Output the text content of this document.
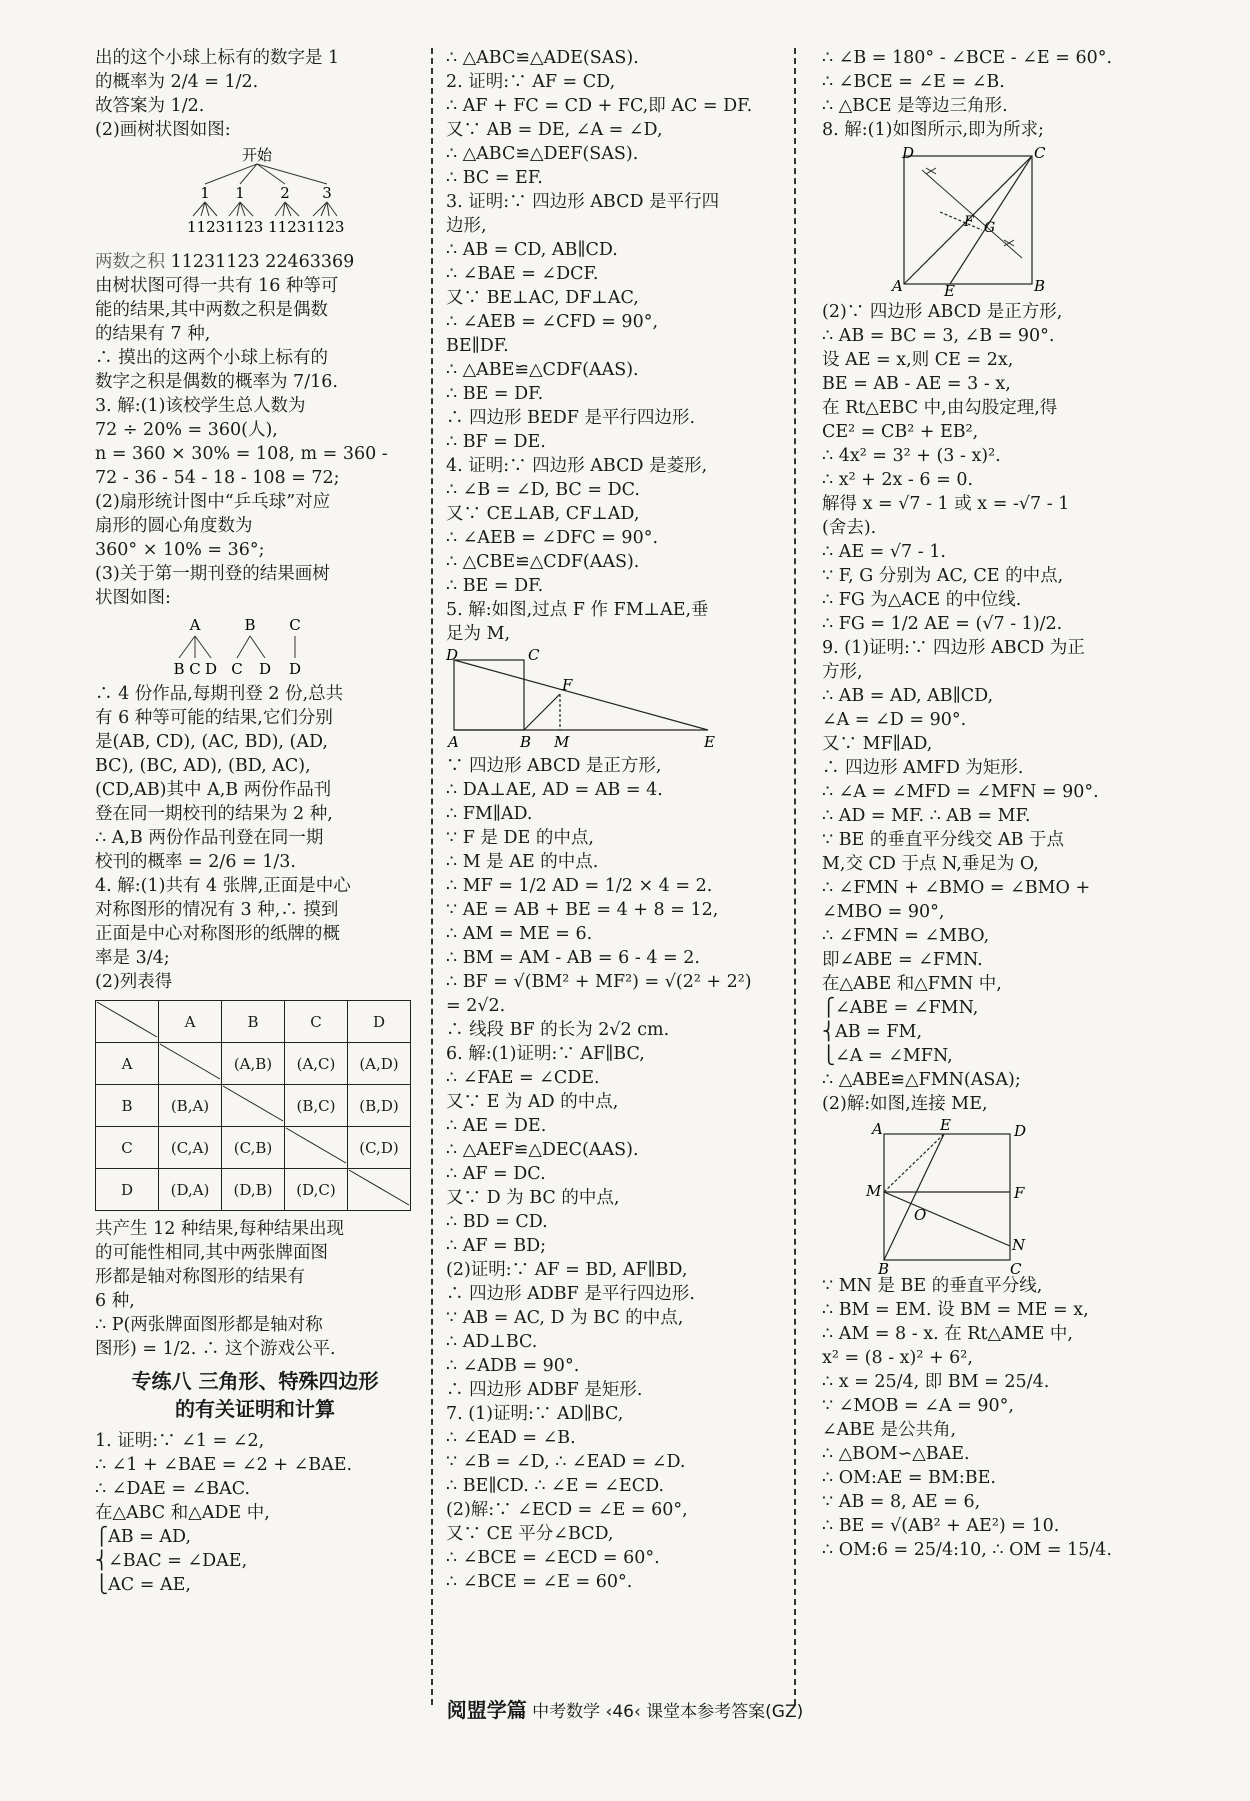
出的这个小球上标有的数字是 1
的概率为 2/4 = 1/2.
故答案为 1/2.
(2)画树状图如图:
开始
1 1 2 3
11231123 11231123
两数之积 11231123 22463369
由树状图可得一共有 16 种等可
能的结果,其中两数之积是偶数
的结果有 7 种,
∴ 摸出的这两个小球上标有的
数字之积是偶数的概率为 7/16.
3. 解:(1)该校学生总人数为
72 ÷ 20% = 360(人),
n = 360 × 30% = 108, m = 360 -
72 - 36 - 54 - 18 - 108 = 72;
(2)扇形统计图中“乒乓球”对应
扇形的圆心角度数为
360° × 10% = 36°;
(3)关于第一期刊登的结果画树
状图如图:
A	B C
B C D C D D
∴ 4 份作品,每期刊登 2 份,总共
有 6 种等可能的结果,它们分别
是(AB, CD), (AC, BD), (AD,
BC), (BC, AD), (BD, AC),
(CD,AB)其中 A,B 两份作品刊
登在同一期校刊的结果为 2 种,
∴ A,B 两份作品刊登在同一期
校刊的概率 = 2/6 = 1/3.
4. 解:(1)共有 4 张牌,正面是中心
对称图形的情况有 3 种,∴ 摸到
正面是中心对称图形的纸牌的概
率是 3/4;
(2)列表得
	A	B	C	D
A		(A,B)	(A,C)	(A,D)
B	(B,A)		(B,C)	(B,D)
C	(C,A)	(C,B)		(C,D)
D	(D,A)	(D,B)	(D,C)	
共产生 12 种结果,每种结果出现
的可能性相同,其中两张牌面图
形都是轴对称图形的结果有
6 种,
∴ P(两张牌面图形都是轴对称
图形) = 1/2. ∴ 这个游戏公平.
专练八 三角形、特殊四边形
的有关证明和计算
1. 证明:∵ ∠1 = ∠2,
∴ ∠1 + ∠BAE = ∠2 + ∠BAE.
∴ ∠DAE = ∠BAC.
在△ABC 和△ADE 中,
⎧AB = AD,
⎨∠BAC = ∠DAE,
⎩AC = AE,
∴ △ABC≌△ADE(SAS).
2. 证明:∵ AF = CD,
∴ AF + FC = CD + FC,即 AC = DF.
又∵ AB = DE, ∠A = ∠D,
∴ △ABC≌△DEF(SAS).
∴ BC = EF.
3. 证明:∵ 四边形 ABCD 是平行四
边形,
∴ AB = CD, AB∥CD.
∴ ∠BAE = ∠DCF.
又∵ BE⊥AC, DF⊥AC,
∴ ∠AEB = ∠CFD = 90°,
BE∥DF.
∴ △ABE≌△CDF(AAS).
∴ BE = DF.
∴ 四边形 BEDF 是平行四边形.
∴ BF = DE.
4. 证明:∵ 四边形 ABCD 是菱形,
∴ ∠B = ∠D, BC = DC.
又∵ CE⊥AB, CF⊥AD,
∴ ∠AEB = ∠DFC = 90°.
∴ △CBE≌△CDF(AAS).
∴ BE = DF.
5. 解:如图,过点 F 作 FM⊥AE,垂
足为 M,
D	C
F
A	B M	E
∵ 四边形 ABCD 是正方形,
∴ DA⊥AE, AD = AB = 4.
∴ FM∥AD.
∵ F 是 DE 的中点,
∴ M 是 AE 的中点.
∴ MF = 1/2 AD = 1/2 × 4 = 2.
∵ AE = AB + BE = 4 + 8 = 12,
∴ AM = ME = 6.
∴ BM = AM - AB = 6 - 4 = 2.
∴ BF = √(BM² + MF²) = √(2² + 2²)
= 2√2.
∴ 线段 BF 的长为 2√2 cm.
6. 解:(1)证明:∵ AF∥BC,
∴ ∠FAE = ∠CDE.
又∵ E 为 AD 的中点,
∴ AE = DE.
∴ △AEF≌△DEC(AAS).
∴ AF = DC.
又∵ D 为 BC 的中点,
∴ BD = CD.
∴ AF = BD;
(2)证明:∵ AF = BD, AF∥BD,
∴ 四边形 ADBF 是平行四边形.
∵ AB = AC, D 为 BC 的中点,
∴ AD⊥BC.
∴ ∠ADB = 90°.
∴ 四边形 ADBF 是矩形.
7. (1)证明:∵ AD∥BC,
∴ ∠EAD = ∠B.
∵ ∠B = ∠D, ∴ ∠EAD = ∠D.
∴ BE∥CD. ∴ ∠E = ∠ECD.
(2)解:∵ ∠ECD = ∠E = 60°,
又∵ CE 平分∠BCD,
∴ ∠BCE = ∠ECD = 60°.
∴ ∠BCE = ∠E = 60°.
∴ ∠B = 180° - ∠BCE - ∠E = 60°.
∴ ∠BCE = ∠E = ∠B.
∴ △BCE 是等边三角形.
8. 解:(1)如图所示,即为所求;
D	C
F G
A	E	B
(2)∵ 四边形 ABCD 是正方形,
∴ AB = BC = 3, ∠B = 90°.
设 AE = x,则 CE = 2x,
BE = AB - AE = 3 - x,
在 Rt△EBC 中,由勾股定理,得
CE² = CB² + EB²,
∴ 4x² = 3² + (3 - x)².
∴ x² + 2x - 6 = 0.
解得 x = √7 - 1 或 x = -√7 - 1
(舍去).
∴ AE = √7 - 1.
∵ F, G 分别为 AC, CE 的中点,
∴ FG 为△ACE 的中位线.
∴ FG = 1/2 AE = (√7 - 1)/2.
9. (1)证明:∵ 四边形 ABCD 为正
方形,
∴ AB = AD, AB∥CD,
∠A = ∠D = 90°.
又∵ MF∥AD,
∴ 四边形 AMFD 为矩形.
∴ ∠A = ∠MFD = ∠MFN = 90°.
∴ AD = MF. ∴ AB = MF.
∵ BE 的垂直平分线交 AB 于点
M,交 CD 于点 N,垂足为 O,
∴ ∠FMN + ∠BMO = ∠BMO +
∠MBO = 90°,
∴ ∠FMN = ∠MBO,
即∠ABE = ∠FMN.
在△ABE 和△FMN 中,
⎧∠ABE = ∠FMN,
⎨AB = FM,
⎩∠A = ∠MFN,
∴ △ABE≌△FMN(ASA);
(2)解:如图,连接 ME,
A	E	D
M	F
O
B
N
C
∵ MN 是 BE 的垂直平分线,
∴ BM = EM. 设 BM = ME = x,
∴ AM = 8 - x. 在 Rt△AME 中,
x² = (8 - x)² + 6²,
∴ x = 25/4, 即 BM = 25/4.
∵ ∠MOB = ∠A = 90°,
∠ABE 是公共角,
∴ △BOM∽△BAE.
∴ OM:AE = BM:BE.
∵ AB = 8, AE = 6,
∴ BE = √(AB² + AE²) = 10.
∴ OM:6 = 25/4:10, ∴ OM = 15/4.
阅盟学篇 中考数学 ‹46‹ 课堂本参考答案(GZ)
